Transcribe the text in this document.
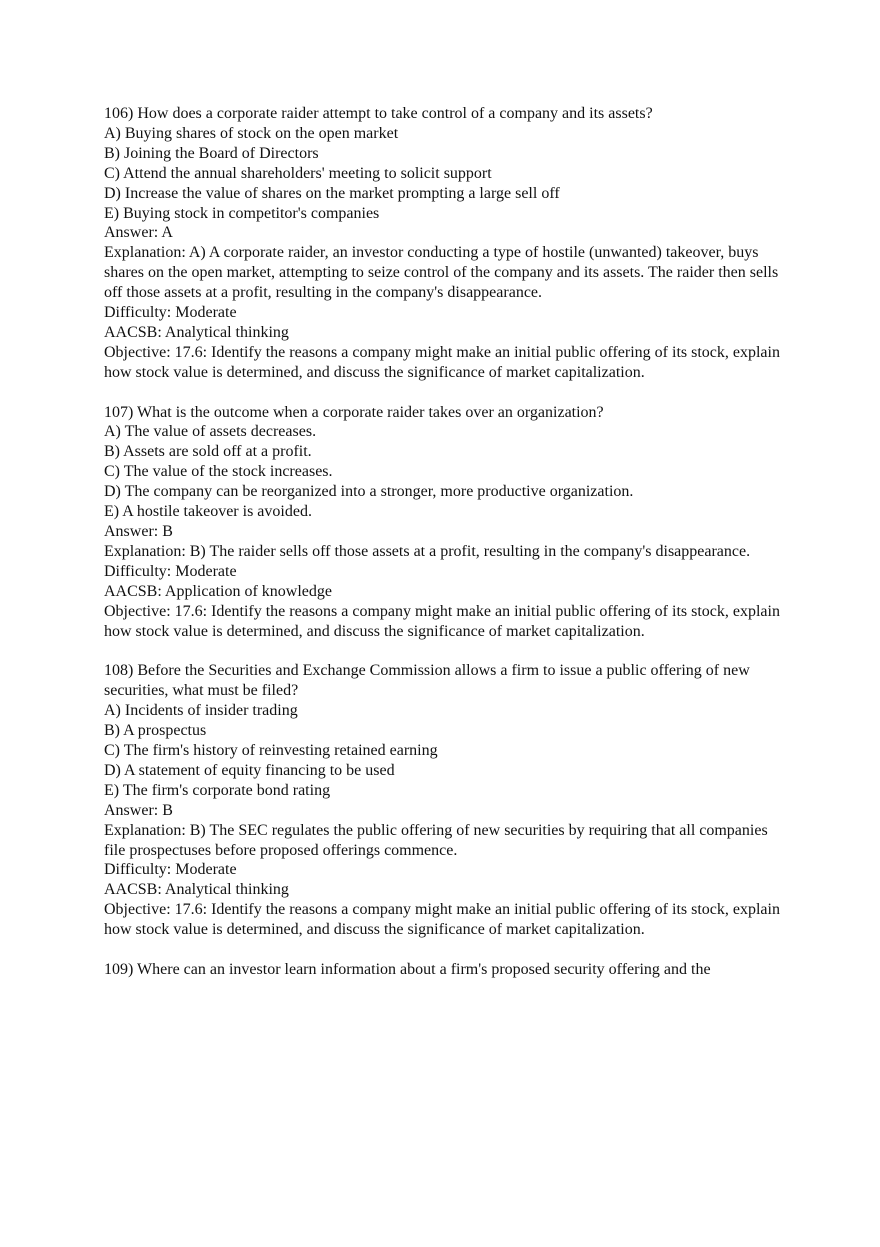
106) How does a corporate raider attempt to take control of a company and its assets?

A) Buying shares of stock on the open market

B) Joining the Board of Directors

C) Attend the annual shareholders' meeting to solicit support

D) Increase the value of shares on the market prompting a large sell off

E) Buying stock in competitor's companies

Answer: A

Explanation: A) A corporate raider, an investor conducting a type of hostile (unwanted) takeover, buys shares on the open market, attempting to seize control of the company and its assets. The raider then sells off those assets at a profit, resulting in the company's disappearance.

Difficulty: Moderate

AACSB: Analytical thinking

Objective: 17.6: Identify the reasons a company might make an initial public offering of its stock, explain how stock value is determined, and discuss the significance of market capitalization.

107) What is the outcome when a corporate raider takes over an organization?

A) The value of assets decreases.

B) Assets are sold off at a profit.

C) The value of the stock increases.

D) The company can be reorganized into a stronger, more productive organization.

E) A hostile takeover is avoided.

Answer: B

Explanation: B) The raider sells off those assets at a profit, resulting in the company's disappearance.

Difficulty: Moderate

AACSB: Application of knowledge

Objective: 17.6: Identify the reasons a company might make an initial public offering of its stock, explain how stock value is determined, and discuss the significance of market capitalization.

108) Before the Securities and Exchange Commission allows a firm to issue a public offering of new securities, what must be filed?

A) Incidents of insider trading

B) A prospectus

C) The firm's history of reinvesting retained earning

D) A statement of equity financing to be used

E) The firm's corporate bond rating

Answer: B

Explanation: B) The SEC regulates the public offering of new securities by requiring that all companies file prospectuses before proposed offerings commence.

Difficulty: Moderate

AACSB: Analytical thinking

Objective: 17.6: Identify the reasons a company might make an initial public offering of its stock, explain how stock value is determined, and discuss the significance of market capitalization.

109) Where can an investor learn information about a firm's proposed security offering and the
